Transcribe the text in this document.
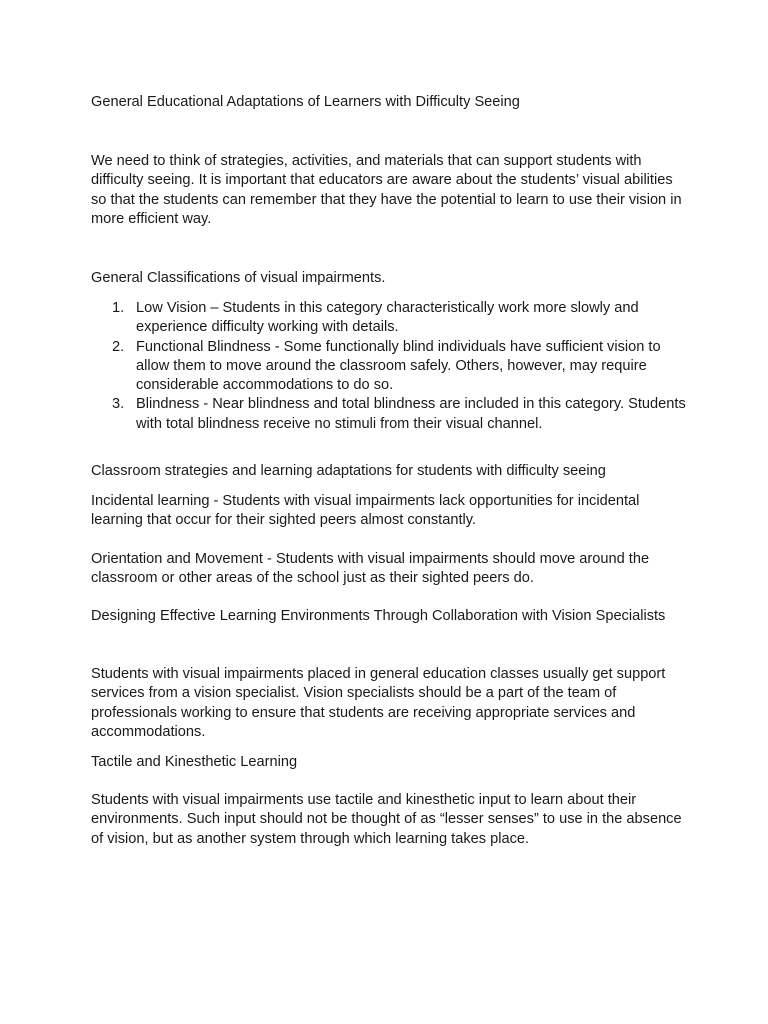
General Educational Adaptations of Learners with Difficulty Seeing

We need to think of strategies, activities, and materials that can support students with difficulty seeing. It is important that educators are aware about the students’ visual abilities so that the students can remember that they have the potential to learn to use their vision in more efficient way.

General Classifications of visual impairments.

1. Low Vision – Students in this category characteristically work more slowly and experience difficulty working with details.
2. Functional Blindness - Some functionally blind individuals have sufficient vision to allow them to move around the classroom safely. Others, however, may require considerable accommodations to do so.
3. Blindness - Near blindness and total blindness are included in this category. Students with total blindness receive no stimuli from their visual channel.

Classroom strategies and learning adaptations for students with difficulty seeing

Incidental learning - Students with visual impairments lack opportunities for incidental learning that occur for their sighted peers almost constantly.

Orientation and Movement - Students with visual impairments should move around the classroom or other areas of the school just as their sighted peers do.

Designing Effective Learning Environments Through Collaboration with Vision Specialists

Students with visual impairments placed in general education classes usually get support services from a vision specialist. Vision specialists should be a part of the team of professionals working to ensure that students are receiving appropriate services and accommodations.

Tactile and Kinesthetic Learning

Students with visual impairments use tactile and kinesthetic input to learn about their environments. Such input should not be thought of as “lesser senses” to use in the absence of vision, but as another system through which learning takes place.
